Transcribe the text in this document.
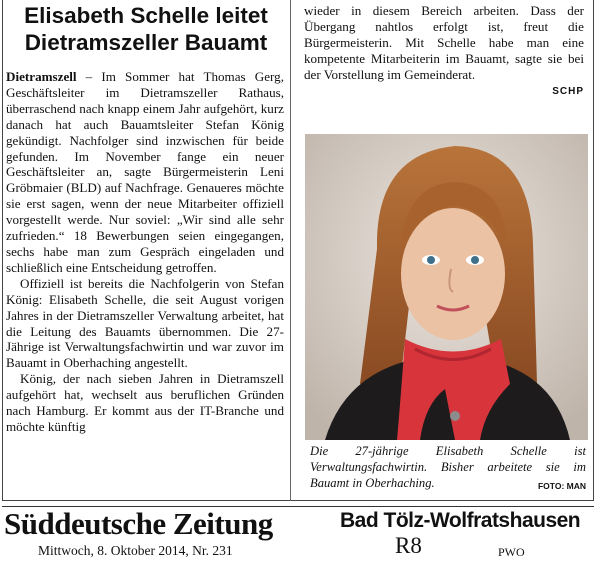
Elisabeth Schelle leitet Dietramszeller Bauamt

Dietramszell – Im Sommer hat Thomas Gerg, Geschäftsleiter im Dietramszeller Rathaus, überraschend nach knapp einem Jahr aufgehört, kurz danach hat auch Bauamtsleiter Stefan König gekündigt. Nachfolger sind inzwischen für beide gefunden. Im November fange ein neuer Geschäftsleiter an, sagte Bürgermeisterin Leni Gröbmaier (BLD) auf Nachfrage. Genaueres möchte sie erst sagen, wenn der neue Mitarbeiter offiziell vorgestellt werde. Nur soviel: „Wir sind alle sehr zufrieden.“ 18 Bewerbungen seien eingegangen, sechs habe man zum Gespräch eingeladen und schließlich eine Entscheidung getroffen.

Offiziell ist bereits die Nachfolgerin von Stefan König: Elisabeth Schelle, die seit August vorigen Jahres in der Dietramszeller Verwaltung arbeitet, hat die Leitung des Bauamts übernommen. Die 27-Jährige ist Verwaltungsfachwirtin und war zuvor im Bauamt in Oberhaching angestellt.

König, der nach sieben Jahren in Dietramszell aufgehört hat, wechselt aus beruflichen Gründen nach Hamburg. Er kommt aus der IT-Branche und möchte künftig

wieder in diesem Bereich arbeiten. Dass der Übergang nahtlos erfolgt ist, freut die Bürgermeisterin. Mit Schelle habe man eine kompetente Mitarbeiterin im Bauamt, sagte sie bei der Vorstellung im Gemeinderat.

SCHP
Die 27-jährige Elisabeth Schelle ist Verwaltungsfachwirtin. Bisher arbeitete sie im Bauamt in Oberhaching.	FOTO: MAN
Süddeutsche Zeitung	Bad Tölz-Wolfratshausen
Mittwoch, 8. Oktober 2014, Nr. 231	R8	PWO
